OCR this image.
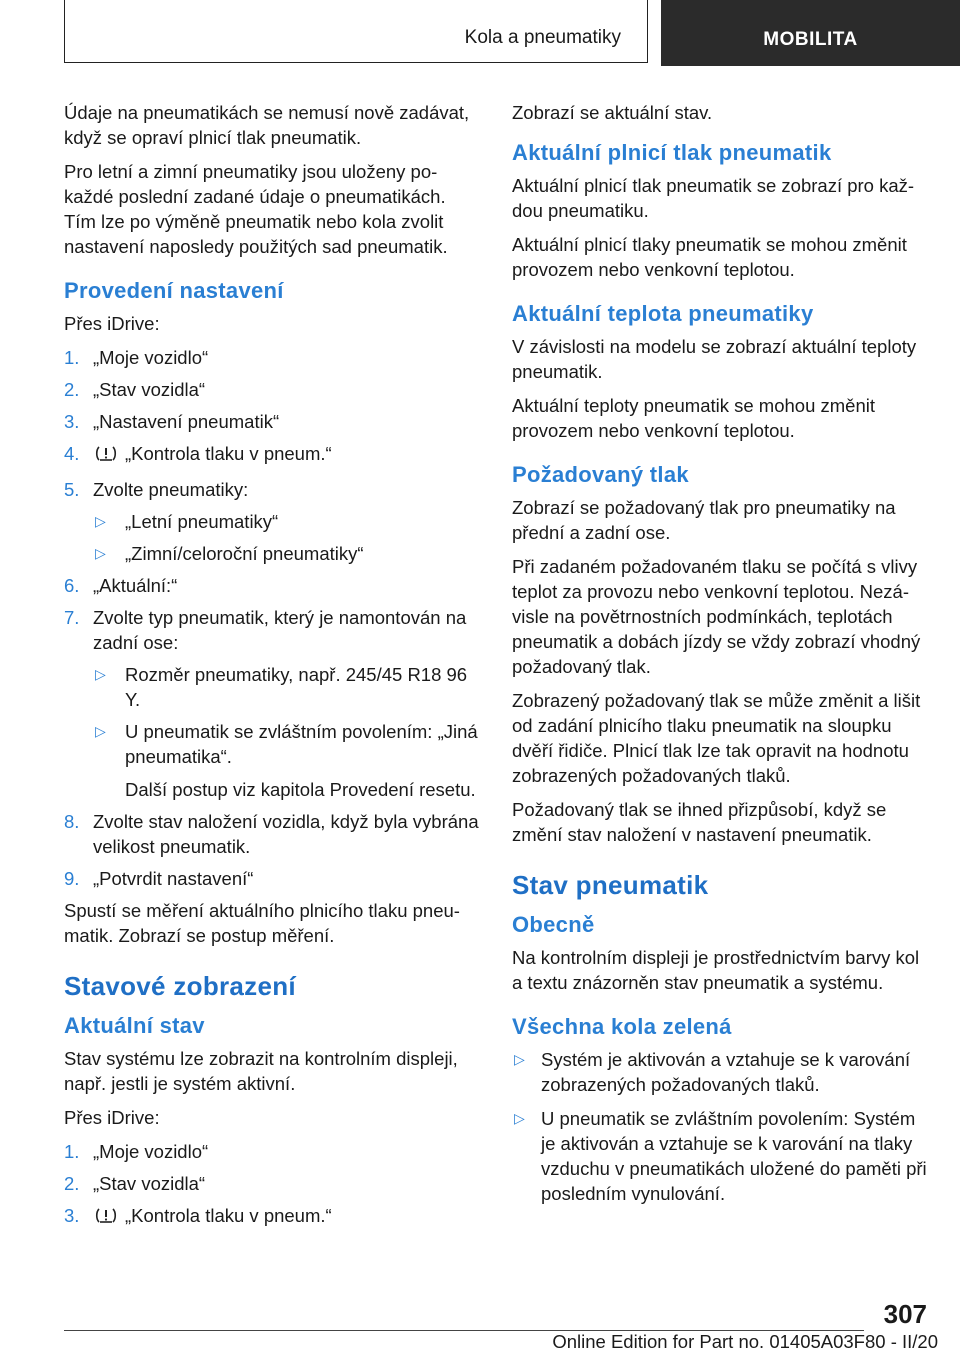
Kola a pneumatiky	MOBILITA

Údaje na pneumatikách se nemusí nově zadávat, když se opraví plnicí tlak pneumatik.

Pro letní a zimní pneumatiky jsou uloženy po‐ každé poslední zadané údaje o pneumatikách. Tím lze po výměně pneumatik nebo kola zvolit nastavení naposledy použitých sad pneumatik.

Provedení nastavení

Přes iDrive:

1. „Moje vozidlo“
2. „Stav vozidla“
3. „Nastavení pneumatik“
4. „Kontrola tlaku v pneum.“
5. Zvolte pneumatiky:
▷ „Letní pneumatiky“
▷ „Zimní/celoroční pneumatiky“
6. „Aktuální:“
7. Zvolte typ pneumatik, který je namontován na zadní ose:
▷ Rozměr pneumatiky, např. 245/45 R18 96 Y.
▷ U pneumatik se zvláštním povolením: „Jiná pneumatika“.
Další postup viz kapitola Provedení resetu.
8. Zvolte stav naložení vozidla, když byla vybrána velikost pneumatik.
9. „Potvrdit nastavení“

Spustí se měření aktuálního plnicího tlaku pneu‐ matik. Zobrazí se postup měření.

Stavové zobrazení
Aktuální stav

Stav systému lze zobrazit na kontrolním displeji, např. jestli je systém aktivní.

Přes iDrive:

1. „Moje vozidlo“
2. „Stav vozidla“
3. „Kontrola tlaku v pneum.“

Zobrazí se aktuální stav.

Aktuální plnicí tlak pneumatik

Aktuální plnicí tlak pneumatik se zobrazí pro kaž‐ dou pneumatiku.

Aktuální plnicí tlaky pneumatik se mohou změnit provozem nebo venkovní teplotou.

Aktuální teplota pneumatiky

V závislosti na modelu se zobrazí aktuální teploty pneumatik.

Aktuální teploty pneumatik se mohou změnit provozem nebo venkovní teplotou.

Požadovaný tlak

Zobrazí se požadovaný tlak pro pneumatiky na přední a zadní ose.

Při zadaném požadovaném tlaku se počítá s vlivy teplot za provozu nebo venkovní teplotou. Nezá‐ visle na povětrnostních podmínkách, teplotách pneumatik a dobách jízdy se vždy zobrazí vhodný požadovaný tlak.

Zobrazený požadovaný tlak se může změnit a lišit od zadání plnicího tlaku pneumatik na sloupku dvěří řidiče. Plnicí tlak lze tak opravit na hodnotu zobrazených požadovaných tlaků.

Požadovaný tlak se ihned přizpůsobí, když se změní stav naložení v nastavení pneumatik.

Stav pneumatik
Obecně

Na kontrolním displeji je prostřednictvím barvy kol a textu znázorněn stav pneumatik a systému.

Všechna kola zelená
▷ Systém je aktivován a vztahuje se k varování zobrazených požadovaných tlaků.
▷ U pneumatik se zvláštním povolením: Systém je aktivován a vztahuje se k varování na tlaky vzduchu v pneumatikách uložené do paměti při posledním vynulování.
307
Online Edition for Part no. 01405A03F80 - II/20
